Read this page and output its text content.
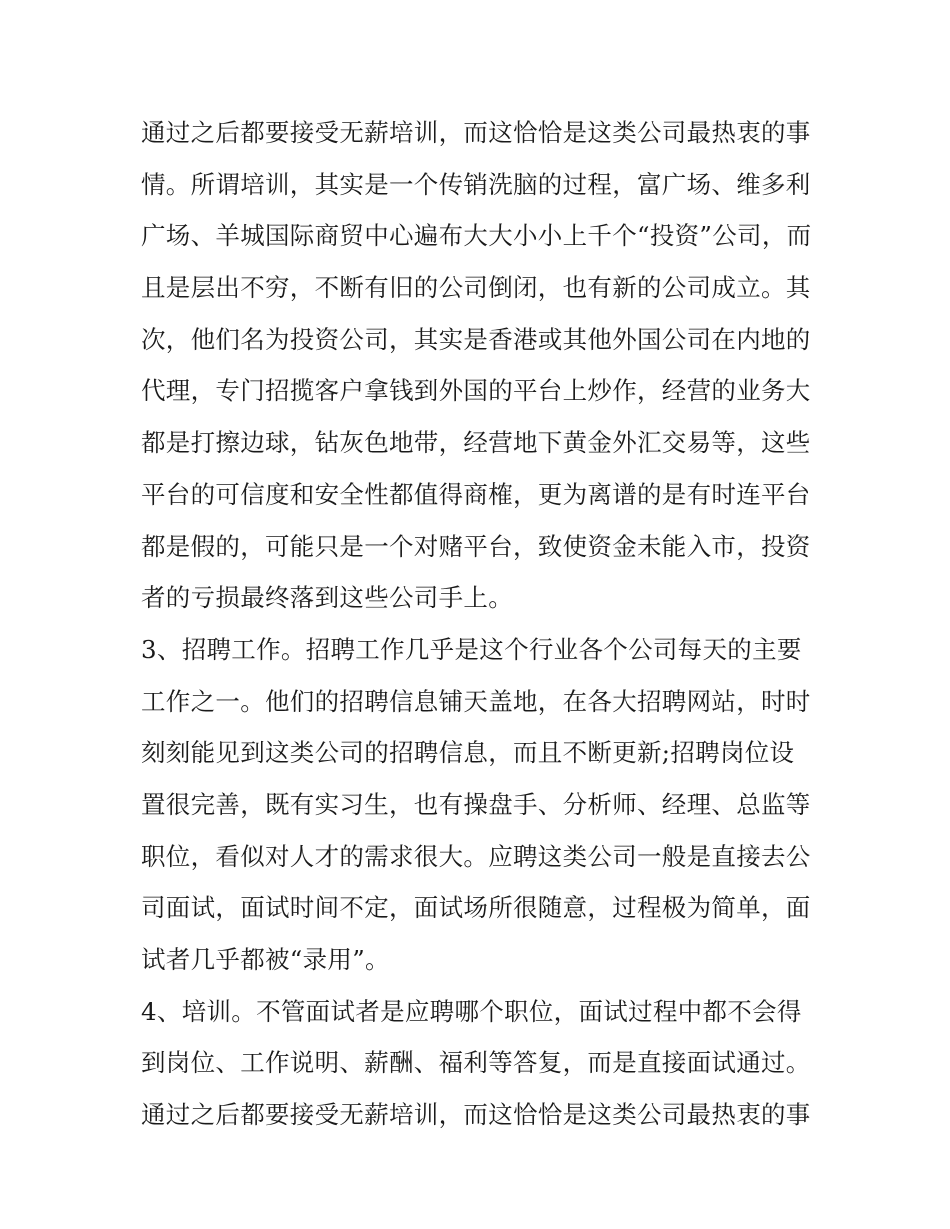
通过之后都要接受无薪培训，而这恰恰是这类公司最热衷的事
情。所谓培训，其实是一个传销洗脑的过程，富广场、维多利
广场、羊城国际商贸中心遍布大大小小上千个“投资”公司，而
且是层出不穷，不断有旧的公司倒闭，也有新的公司成立。其
次，他们名为投资公司，其实是香港或其他外国公司在内地的
代理，专门招揽客户拿钱到外国的平台上炒作，经营的业务大
都是打擦边球，钻灰色地带，经营地下黄金外汇交易等，这些
平台的可信度和安全性都值得商榷，更为离谱的是有时连平台
都是假的，可能只是一个对赌平台，致使资金未能入市，投资
者的亏损最终落到这些公司手上。
3、招聘工作。招聘工作几乎是这个行业各个公司每天的主要
工作之一。他们的招聘信息铺天盖地，在各大招聘网站，时时
刻刻能见到这类公司的招聘信息，而且不断更新;招聘岗位设
置很完善，既有实习生，也有操盘手、分析师、经理、总监等
职位，看似对人才的需求很大。应聘这类公司一般是直接去公
司面试，面试时间不定，面试场所很随意，过程极为简单，面
试者几乎都被“录用”。
4、培训。不管面试者是应聘哪个职位，面试过程中都不会得
到岗位、工作说明、薪酬、福利等答复，而是直接面试通过。
通过之后都要接受无薪培训，而这恰恰是这类公司最热衷的事
